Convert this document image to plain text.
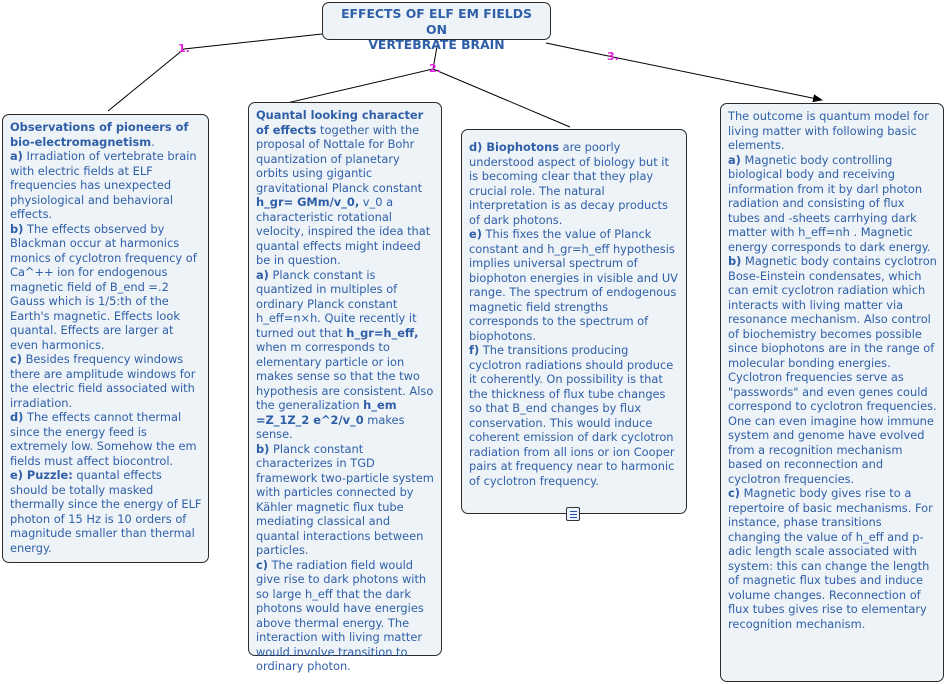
1.
2.
3.
EFFECTS OF ELF EM FIELDS ON
VERTEBRATE BRAIN

Observations of pioneers of bio-electromagnetism.
a) Irradiation of vertebrate brain with electric fields at ELF frequencies has unexpected physiological and behavioral effects.
b) The effects observed by Blackman occur at harmonics monics of cyclotron frequency of Ca^++ ion for endogenous magnetic field of B_end =.2 Gauss which is 1/5:th of the Earth's magnetic. Effects look quantal. Effects are larger at even harmonics.
c) Besides frequency windows there are amplitude windows for the electric field associated with irradiation.
d) The effects cannot thermal since the energy feed is extremely low. Somehow the em fields must affect biocontrol.
e) Puzzle: quantal effects should be totally masked thermally since the energy of ELF photon of 15 Hz is 10 orders of magnitude smaller than thermal energy.

Quantal looking character of effects together with the proposal of Nottale for Bohr quantization of planetary orbits using gigantic gravitational Planck constant h_gr= GMm/v_0, v_0 a characteristic rotational velocity, inspired the idea that quantal effects might indeed be in question.
a) Planck constant is quantized in multiples of ordinary Planck constant h_eff=n×h. Quite recently it turned out that h_gr=h_eff, when m corresponds to elementary particle or ion makes sense so that the two hypothesis are consistent. Also the generalization h_em =Z_1Z_2 e^2/v_0 makes sense.
b) Planck constant characterizes in TGD framework two-particle system with particles connected by Kähler magnetic flux tube mediating classical and quantal interactions between particles.
c) The radiation field would give rise to dark photons with so large h_eff that the dark photons would have energies above thermal energy. The interaction with living matter would involve transition to ordinary photon.

d) Biophotons are poorly understood aspect of biology but it is becoming clear that they play crucial role. The natural interpretation is as decay products of dark photons.
e) This fixes the value of Planck constant and h_gr=h_eff hypothesis implies universal spectrum of biophoton energies in visible and UV range. The spectrum of endogenous magnetic field strengths corresponds to the spectrum of biophotons.
f) The transitions producing cyclotron radiations should produce it coherently. On possibility is that the thickness of flux tube changes so that B_end changes by flux conservation. This would induce coherent emission of dark cyclotron radiation from all ions or ion Cooper pairs at frequency near to harmonic of cyclotron frequency.

The outcome is quantum model for living matter with following basic elements.
a) Magnetic body controlling biological body and receiving information from it by darl photon radiation and consisting of flux tubes and -sheets carrhying dark matter with h_eff=nh . Magnetic energy corresponds to dark energy.
b) Magnetic body contains cyclotron Bose-Einstein condensates, which can emit cyclotron radiation which interacts with living matter via resonance mechanism. Also control of biochemistry becomes possible since biophotons are in the range of molecular bonding energies. Cyclotron frequencies serve as "passwords" and even genes could correspond to cyclotron frequencies. One can even imagine how immune system and genome have evolved from a recognition mechanism based on reconnection and cyclotron frequencies.
c) Magnetic body gives rise to a repertoire of basic mechanisms. For instance, phase transitions changing the value of h_eff and p-adic length scale associated with system: this can change the length of magnetic flux tubes and induce volume changes. Reconnection of flux tubes gives rise to elementary recognition mechanism.
